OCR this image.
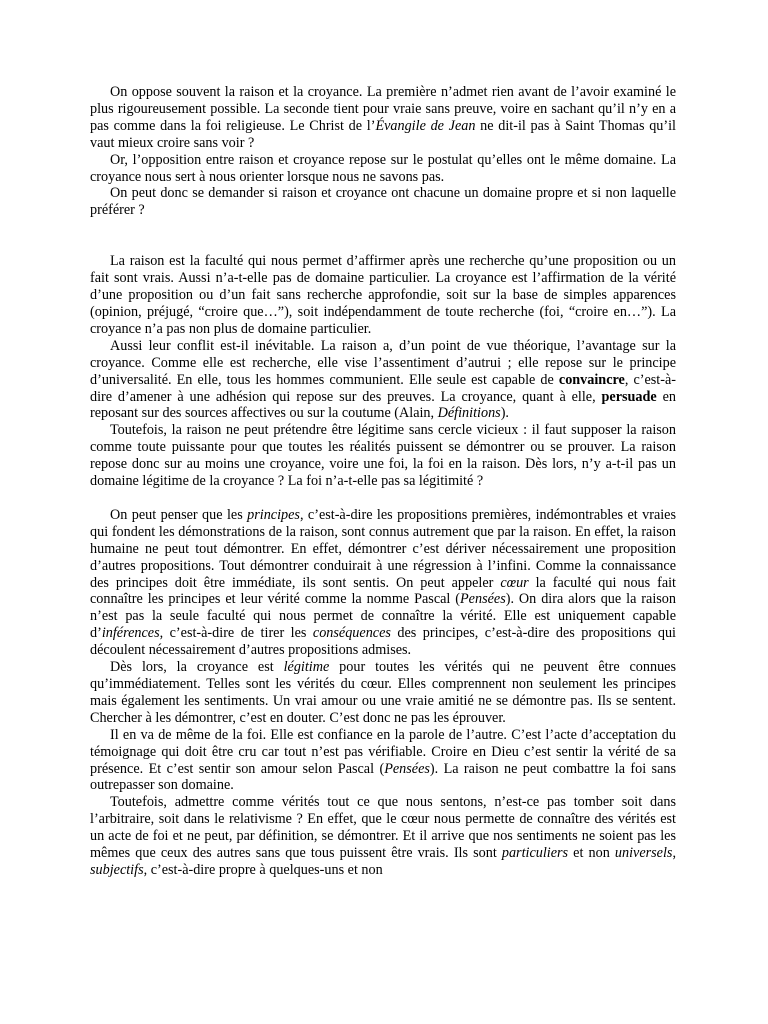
On oppose souvent la raison et la croyance. La première n’admet rien avant de l’avoir examiné le plus rigoureusement possible. La seconde tient pour vraie sans preuve, voire en sachant qu’il n’y en a pas comme dans la foi religieuse. Le Christ de l’Évangile de Jean ne dit-il pas à Saint Thomas qu’il vaut mieux croire sans voir ?

Or, l’opposition entre raison et croyance repose sur le postulat qu’elles ont le même domaine. La croyance nous sert à nous orienter lorsque nous ne savons pas.

On peut donc se demander si raison et croyance ont chacune un domaine propre et si non laquelle préférer ?

La raison est la faculté qui nous permet d’affirmer après une recherche qu’une proposition ou un fait sont vrais. Aussi n’a-t-elle pas de domaine particulier. La croyance est l’affirmation de la vérité d’une proposition ou d’un fait sans recherche approfondie, soit sur la base de simples apparences (opinion, préjugé, “croire que…”), soit indépendamment de toute recherche (foi, “croire en…”). La croyance n’a pas non plus de domaine particulier.

Aussi leur conflit est-il inévitable. La raison a, d’un point de vue théorique, l’avantage sur la croyance. Comme elle est recherche, elle vise l’assentiment d’autrui ; elle repose sur le principe d’universalité. En elle, tous les hommes communient. Elle seule est capable de convaincre, c’est-à-dire d’amener à une adhésion qui repose sur des preuves. La croyance, quant à elle, persuade en reposant sur des sources affectives ou sur la coutume (Alain, Définitions).

Toutefois, la raison ne peut prétendre être légitime sans cercle vicieux : il faut supposer la raison comme toute puissante pour que toutes les réalités puissent se démontrer ou se prouver. La raison repose donc sur au moins une croyance, voire une foi, la foi en la raison. Dès lors, n’y a-t-il pas un domaine légitime de la croyance ? La foi n’a-t-elle pas sa légitimité ?

On peut penser que les principes, c’est-à-dire les propositions premières, indémontrables et vraies qui fondent les démonstrations de la raison, sont connus autrement que par la raison. En effet, la raison humaine ne peut tout démontrer. En effet, démontrer c’est dériver nécessairement une proposition d’autres propositions. Tout démontrer conduirait à une régression à l’infini. Comme la connaissance des principes doit être immédiate, ils sont sentis. On peut appeler cœur la faculté qui nous fait connaître les principes et leur vérité comme la nomme Pascal (Pensées). On dira alors que la raison n’est pas la seule faculté qui nous permet de connaître la vérité. Elle est uniquement capable d’inférences, c’est-à-dire de tirer les conséquences des principes, c’est-à-dire des propositions qui découlent nécessairement d’autres propositions admises.

Dès lors, la croyance est légitime pour toutes les vérités qui ne peuvent être connues qu’immédiatement. Telles sont les vérités du cœur. Elles comprennent non seulement les principes mais également les sentiments. Un vrai amour ou une vraie amitié ne se démontre pas. Ils se sentent. Chercher à les démontrer, c’est en douter. C’est donc ne pas les éprouver.

Il en va de même de la foi. Elle est confiance en la parole de l’autre. C’est l’acte d’acceptation du témoignage qui doit être cru car tout n’est pas vérifiable. Croire en Dieu c’est sentir la vérité de sa présence. Et c’est sentir son amour selon Pascal (Pensées). La raison ne peut combattre la foi sans outrepasser son domaine.

Toutefois, admettre comme vérités tout ce que nous sentons, n’est-ce pas tomber soit dans l’arbitraire, soit dans le relativisme ? En effet, que le cœur nous permette de connaître des vérités est un acte de foi et ne peut, par définition, se démontrer. Et il arrive que nos sentiments ne soient pas les mêmes que ceux des autres sans que tous puissent être vrais. Ils sont particuliers et non universels, subjectifs, c’est-à-dire propre à quelques-uns et non
